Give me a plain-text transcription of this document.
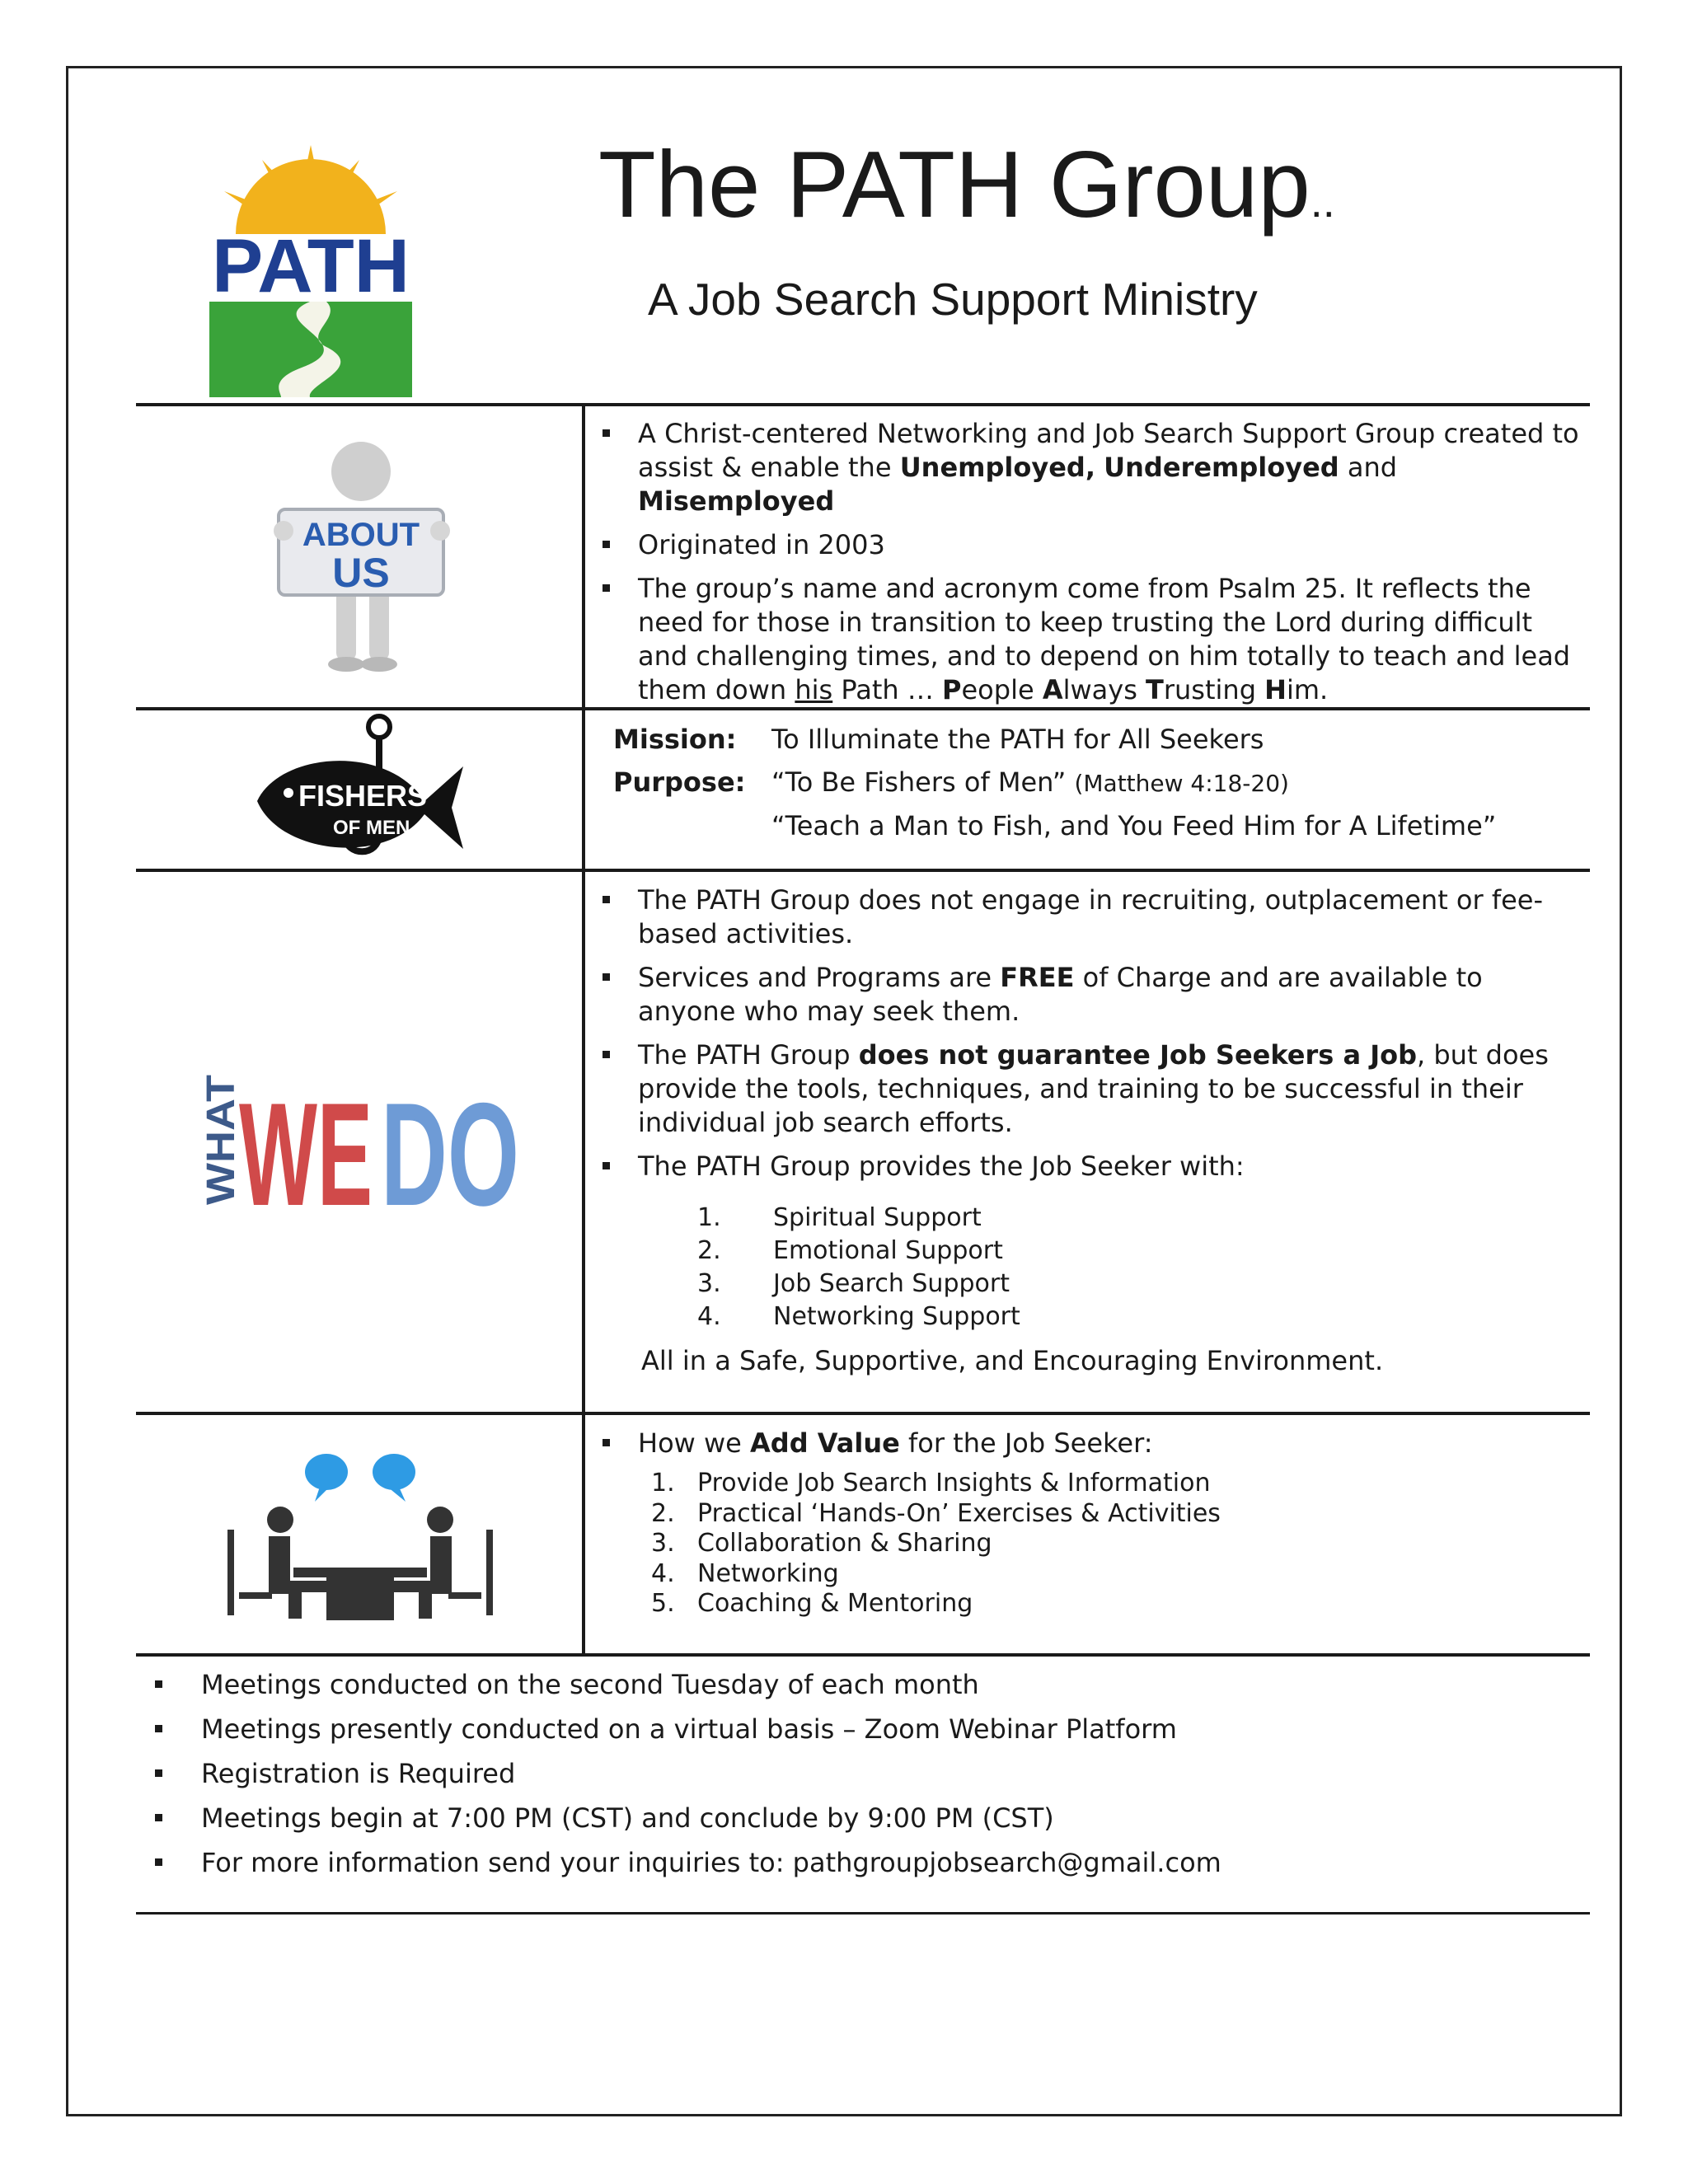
PATH
The PATH Group..
A Job Search Support Ministry
ABOUT
US
A Christ-centered Networking and Job Search Support Group created to assist & enable the Unemployed, Underemployed and Misemployed
Originated in 2003
The group’s name and acronym come from Psalm 25. It reflects the need for those in transition to keep trusting the Lord during difficult and challenging times, and to depend on him totally to teach and lead them down his Path … People Always Trusting Him.
FISHERS
OF MEN
Mission: To Illuminate the PATH for All Seekers
Purpose: “To Be Fishers of Men” (Matthew 4:18-20)
“Teach a Man to Fish, and You Feed Him for A Lifetime”
WHAT
WE DO
The PATH Group does not engage in recruiting, outplacement or fee-based activities.
Services and Programs are FREE of Charge and are available to anyone who may seek them.
The PATH Group does not guarantee Job Seekers a Job, but does provide the tools, techniques, and training to be successful in their individual job search efforts.
The PATH Group provides the Job Seeker with:
1. Spiritual Support
2. Emotional Support
3. Job Search Support
4. Networking Support
All in a Safe, Supportive, and Encouraging Environment.
How we Add Value for the Job Seeker:
1. Provide Job Search Insights & Information
2. Practical ‘Hands-On’ Exercises & Activities
3. Collaboration & Sharing
4. Networking
5. Coaching & Mentoring
Meetings conducted on the second Tuesday of each month
Meetings presently conducted on a virtual basis – Zoom Webinar Platform
Registration is Required
Meetings begin at 7:00 PM (CST) and conclude by 9:00 PM (CST)
For more information send your inquiries to: pathgroupjobsearch@gmail.com
